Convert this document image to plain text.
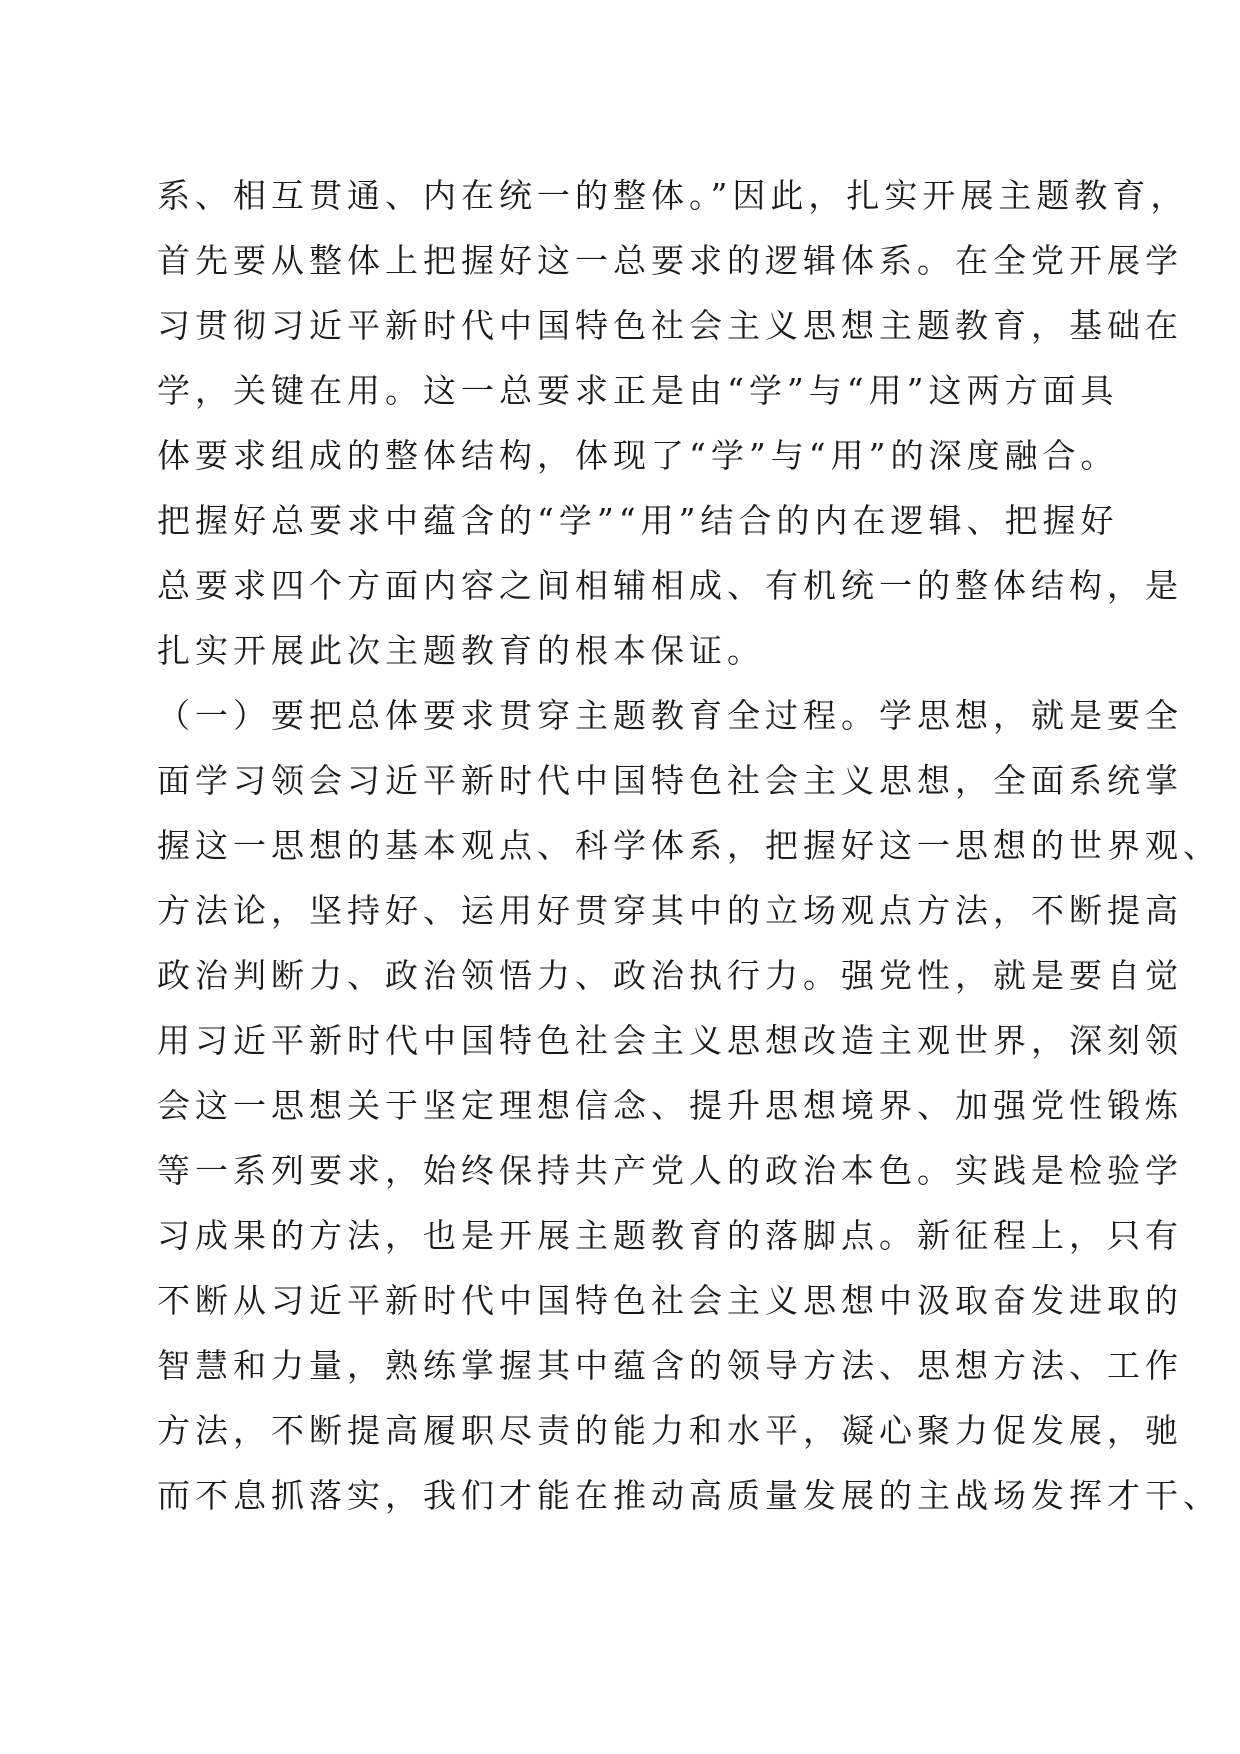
系、相互贯通、内在统一的整体。”因此，扎实开展主题教育，
首先要从整体上把握好这一总要求的逻辑体系。在全党开展学
习贯彻习近平新时代中国特色社会主义思想主题教育，基础在
学，关键在用。这一总要求正是由“学”与“用”这两方面具
体要求组成的整体结构，体现了“学”与“用”的深度融合。
把握好总要求中蕴含的“学”“用”结合的内在逻辑、把握好
总要求四个方面内容之间相辅相成、有机统一的整体结构，是
扎实开展此次主题教育的根本保证。
（一）要把总体要求贯穿主题教育全过程。学思想，就是要全
面学习领会习近平新时代中国特色社会主义思想，全面系统掌
握这一思想的基本观点、科学体系，把握好这一思想的世界观、
方法论，坚持好、运用好贯穿其中的立场观点方法，不断提高
政治判断力、政治领悟力、政治执行力。强党性，就是要自觉
用习近平新时代中国特色社会主义思想改造主观世界，深刻领
会这一思想关于坚定理想信念、提升思想境界、加强党性锻炼
等一系列要求，始终保持共产党人的政治本色。实践是检验学
习成果的方法，也是开展主题教育的落脚点。新征程上，只有
不断从习近平新时代中国特色社会主义思想中汲取奋发进取的
智慧和力量，熟练掌握其中蕴含的领导方法、思想方法、工作
方法，不断提高履职尽责的能力和水平，凝心聚力促发展，驰
而不息抓落实，我们才能在推动高质量发展的主战场发挥才干、
